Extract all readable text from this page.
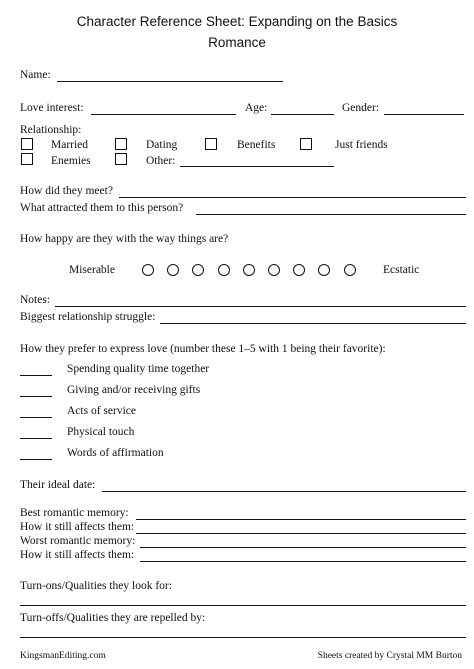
Character Reference Sheet: Expanding on the Basics
Romance
Name:
Love interest:	Age:	Gender:
Relationship:
Married	Dating	Benefits	Just friends
Enemies	Other:
How did they meet?
What attracted them to this person?
How happy are they with the way things are?
Miserable	Ecstatic
Notes:
Biggest relationship struggle:
How they prefer to express love (number these 1–5 with 1 being their favorite):
Spending quality time together
Giving and/or receiving gifts
Acts of service
Physical touch
Words of affirmation
Their ideal date:
Best romantic memory:
How it still affects them:
Worst romantic memory:
How it still affects them:
Turn-ons/Qualities they look for:
Turn-offs/Qualities they are repelled by:
KingsmanEditing.com	Sheets created by Crystal MM Burton
